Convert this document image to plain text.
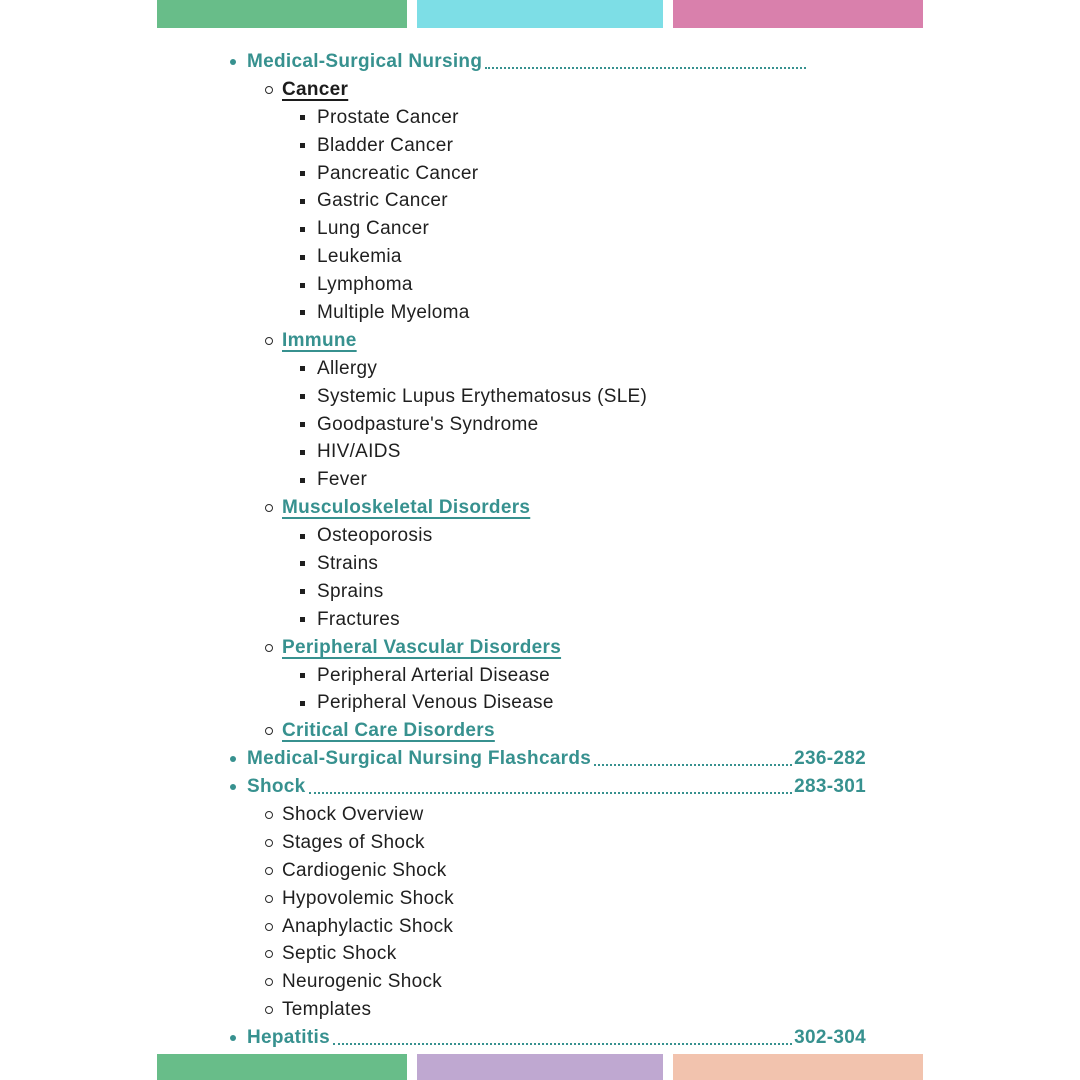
Medical-Surgical Nursing
Cancer
Prostate Cancer
Bladder Cancer
Pancreatic Cancer
Gastric Cancer
Lung Cancer
Leukemia
Lymphoma
Multiple Myeloma
Immune
Allergy
Systemic Lupus Erythematosus (SLE)
Goodpasture's Syndrome
HIV/AIDS
Fever
Musculoskeletal Disorders
Osteoporosis
Strains
Sprains
Fractures
Peripheral Vascular Disorders
Peripheral Arterial Disease
Peripheral Venous Disease
Critical Care Disorders
Medical-Surgical Nursing Flashcards	236-282
Shock	283-301
Shock Overview
Stages of Shock
Cardiogenic Shock
Hypovolemic Shock
Anaphylactic Shock
Septic Shock
Neurogenic Shock
Templates
Hepatitis	302-304
